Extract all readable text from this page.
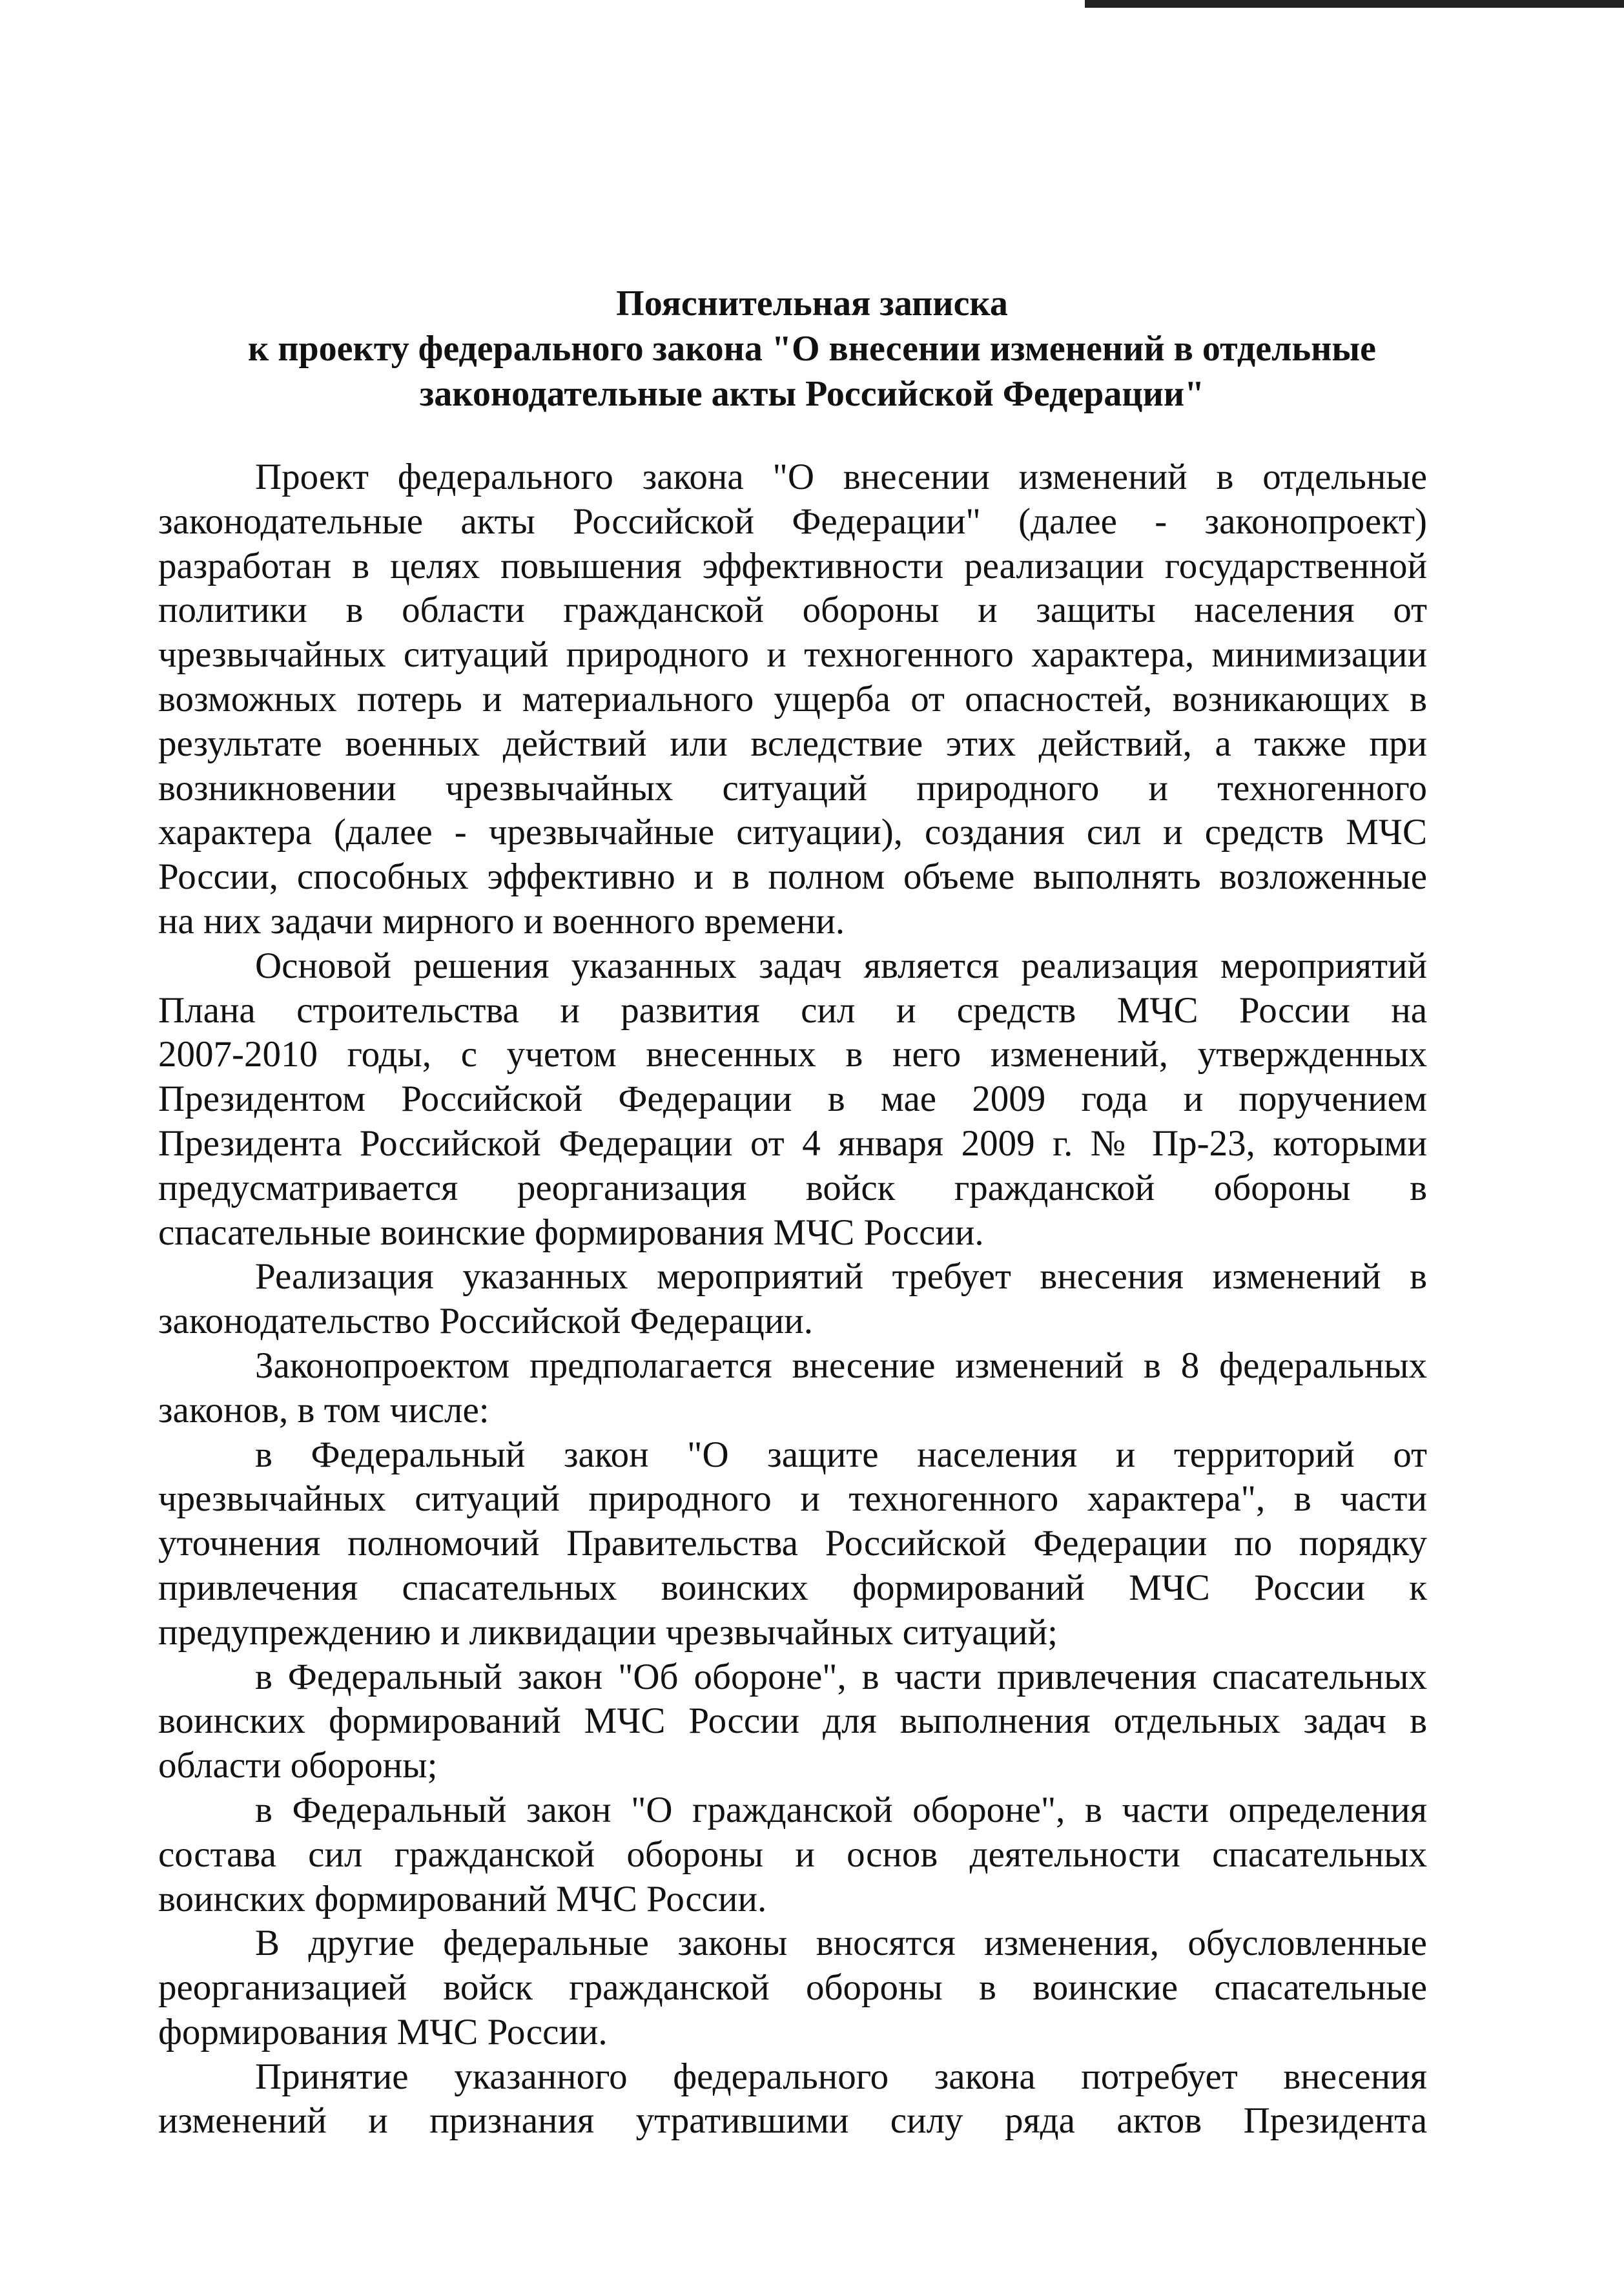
Пояснительная записка
к проекту федерального закона "О внесении изменений в отдельные
законодательные акты Российской Федерации"
Проект федерального закона "О внесении изменений в отдельные
законодательные акты Российской Федерации" (далее - законопроект)
разработан в целях повышения эффективности реализации государственной
политики в области гражданской обороны и защиты населения от
чрезвычайных ситуаций природного и техногенного характера, минимизации
возможных потерь и материального ущерба от опасностей, возникающих в
результате военных действий или вследствие этих действий, а также при
возникновении чрезвычайных ситуаций природного и техногенного
характера (далее - чрезвычайные ситуации), создания сил и средств МЧС
России, способных эффективно и в полном объеме выполнять возложенные
на них задачи мирного и военного времени.
Основой решения указанных задач является реализация мероприятий
Плана строительства и развития сил и средств МЧС России на
2007-2010 годы, с учетом внесенных в него изменений, утвержденных
Президентом Российской Федерации в мае 2009 года и поручением
Президента Российской Федерации от 4 января 2009 г. № Пр-23, которыми
предусматривается реорганизация войск гражданской обороны в
спасательные воинские формирования МЧС России.
Реализация указанных мероприятий требует внесения изменений в
законодательство Российской Федерации.
Законопроектом предполагается внесение изменений в 8 федеральных
законов, в том числе:
в Федеральный закон "О защите населения и территорий от
чрезвычайных ситуаций природного и техногенного характера", в части
уточнения полномочий Правительства Российской Федерации по порядку
привлечения спасательных воинских формирований МЧС России к
предупреждению и ликвидации чрезвычайных ситуаций;
в Федеральный закон "Об обороне", в части привлечения спасательных
воинских формирований МЧС России для выполнения отдельных задач в
области обороны;
в Федеральный закон "О гражданской обороне", в части определения
состава сил гражданской обороны и основ деятельности спасательных
воинских формирований МЧС России.
В другие федеральные законы вносятся изменения, обусловленные
реорганизацией войск гражданской обороны в воинские спасательные
формирования МЧС России.
Принятие указанного федерального закона потребует внесения
изменений и признания утратившими силу ряда актов Президента
